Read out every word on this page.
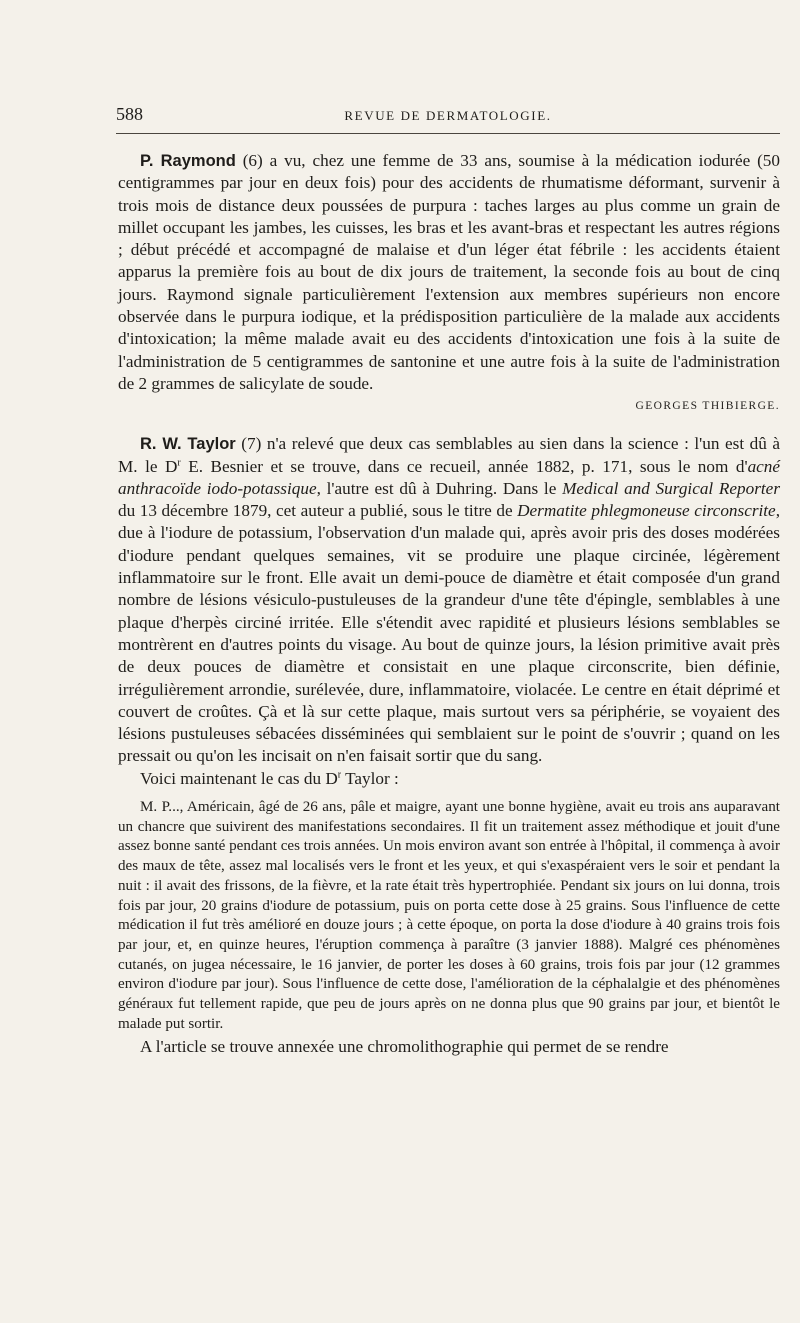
588	REVUE DE DERMATOLOGIE.

P. Raymond (6) a vu, chez une femme de 33 ans, soumise à la médication iodurée (50 centigrammes par jour en deux fois) pour des accidents de rhumatisme déformant, survenir à trois mois de distance deux poussées de purpura : taches larges au plus comme un grain de millet occupant les jambes, les cuisses, les bras et les avant-bras et respectant les autres régions ; début précédé et accompagné de malaise et d'un léger état fébrile : les accidents étaient apparus la première fois au bout de dix jours de traitement, la seconde fois au bout de cinq jours. Raymond signale particulièrement l'extension aux membres supérieurs non encore observée dans le purpura iodique, et la prédisposition particulière de la malade aux accidents d'intoxication; la même malade avait eu des accidents d'intoxication une fois à la suite de l'administration de 5 centigrammes de santonine et une autre fois à la suite de l'administration de 2 grammes de salicylate de soude.

GEORGES THIBIERGE.

R. W. Taylor (7) n'a relevé que deux cas semblables au sien dans la science : l'un est dû à M. le $D^r$ E. Besnier et se trouve, dans ce recueil, année 1882, p. 171, sous le nom d'acné anthracoïde iodo-potassique, l'autre est dû à Duhring. Dans le Medical and Surgical Reporter du 13 décembre 1879, cet auteur a publié, sous le titre de Dermatite phlegmoneuse circonscrite, due à l'iodure de potassium, l'observation d'un malade qui, après avoir pris des doses modérées d'iodure pendant quelques semaines, vit se produire une plaque circinée, légèrement inflammatoire sur le front. Elle avait un demi-pouce de diamètre et était composée d'un grand nombre de lésions vésiculo-pustuleuses de la grandeur d'une tête d'épingle, semblables à une plaque d'herpès circiné irritée. Elle s'étendit avec rapidité et plusieurs lésions semblables se montrèrent en d'autres points du visage. Au bout de quinze jours, la lésion primitive avait près de deux pouces de diamètre et consistait en une plaque circonscrite, bien définie, irrégulièrement arrondie, surélevée, dure, inflammatoire, violacée. Le centre en était déprimé et couvert de croûtes. Çà et là sur cette plaque, mais surtout vers sa périphérie, se voyaient des lésions pustuleuses sébacées disséminées qui semblaient sur le point de s'ouvrir ; quand on les pressait ou qu'on les incisait on n'en faisait sortir que du sang.

Voici maintenant le cas du $D^r$ Taylor :

M. P..., Américain, âgé de 26 ans, pâle et maigre, ayant une bonne hygiène, avait eu trois ans auparavant un chancre que suivirent des manifestations secondaires. Il fit un traitement assez méthodique et jouit d'une assez bonne santé pendant ces trois années. Un mois environ avant son entrée à l'hôpital, il commença à avoir des maux de tête, assez mal localisés vers le front et les yeux, et qui s'exaspéraient vers le soir et pendant la nuit : il avait des frissons, de la fièvre, et la rate était très hypertrophiée. Pendant six jours on lui donna, trois fois par jour, 20 grains d'iodure de potassium, puis on porta cette dose à 25 grains. Sous l'influence de cette médication il fut très amélioré en douze jours ; à cette époque, on porta la dose d'iodure à 40 grains trois fois par jour, et, en quinze heures, l'éruption commença à paraître (3 janvier 1888). Malgré ces phénomènes cutanés, on jugea nécessaire, le 16 janvier, de porter les doses à 60 grains, trois fois par jour (12 grammes environ d'iodure par jour). Sous l'influence de cette dose, l'amélioration de la céphalalgie et des phénomènes généraux fut tellement rapide, que peu de jours après on ne donna plus que 90 grains par jour, et bientôt le malade put sortir.

A l'article se trouve annexée une chromolithographie qui permet de se rendre
